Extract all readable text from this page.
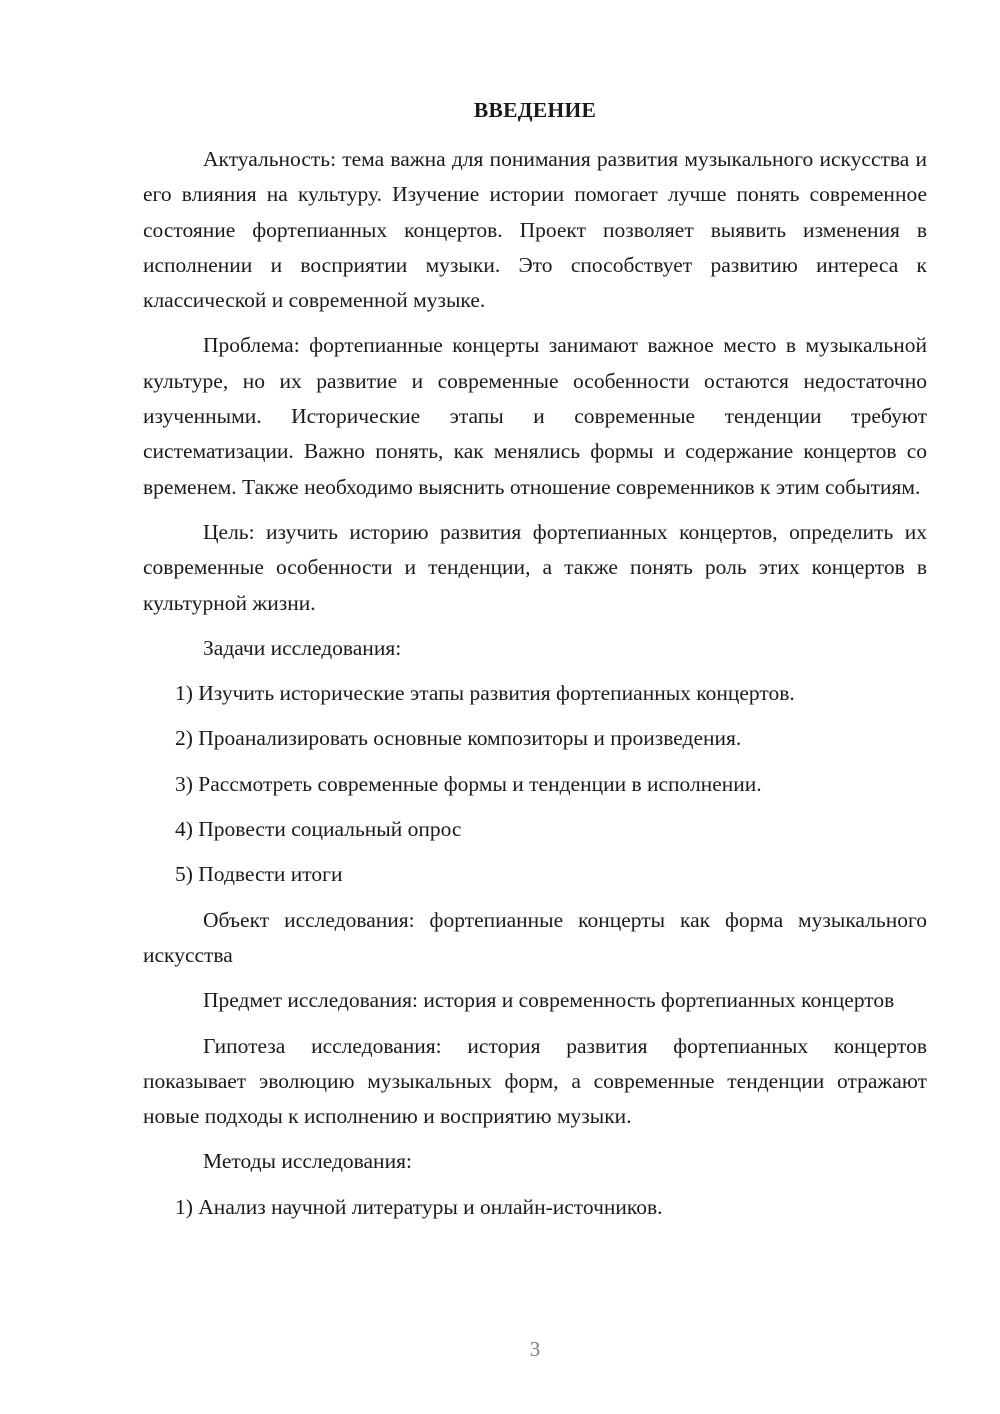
ВВЕДЕНИЕ

Актуальность: тема важна для понимания развития музыкального искусства и его влияния на культуру. Изучение истории помогает лучше понять современное состояние фортепианных концертов. Проект позволяет выявить изменения в исполнении и восприятии музыки. Это способствует развитию интереса к классической и современной музыке.

Проблема: фортепианные концерты занимают важное место в музыкальной культуре, но их развитие и современные особенности остаются недостаточно изученными. Исторические этапы и современные тенденции требуют систематизации. Важно понять, как менялись формы и содержание концертов со временем. Также необходимо выяснить отношение современников к этим событиям.

Цель: изучить историю развития фортепианных концертов, определить их современные особенности и тенденции, а также понять роль этих концертов в культурной жизни.

Задачи исследования:

1) Изучить исторические этапы развития фортепианных концертов.

2) Проанализировать основные композиторы и произведения.

3) Рассмотреть современные формы и тенденции в исполнении.

4) Провести социальный опрос

5) Подвести итоги

Объект исследования: фортепианные концерты как форма музыкального искусства

Предмет исследования: история и современность фортепианных концертов

Гипотеза исследования: история развития фортепианных концертов показывает эволюцию музыкальных форм, а современные тенденции отражают новые подходы к исполнению и восприятию музыки.

Методы исследования:

1) Анализ научной литературы и онлайн-источников.

3
